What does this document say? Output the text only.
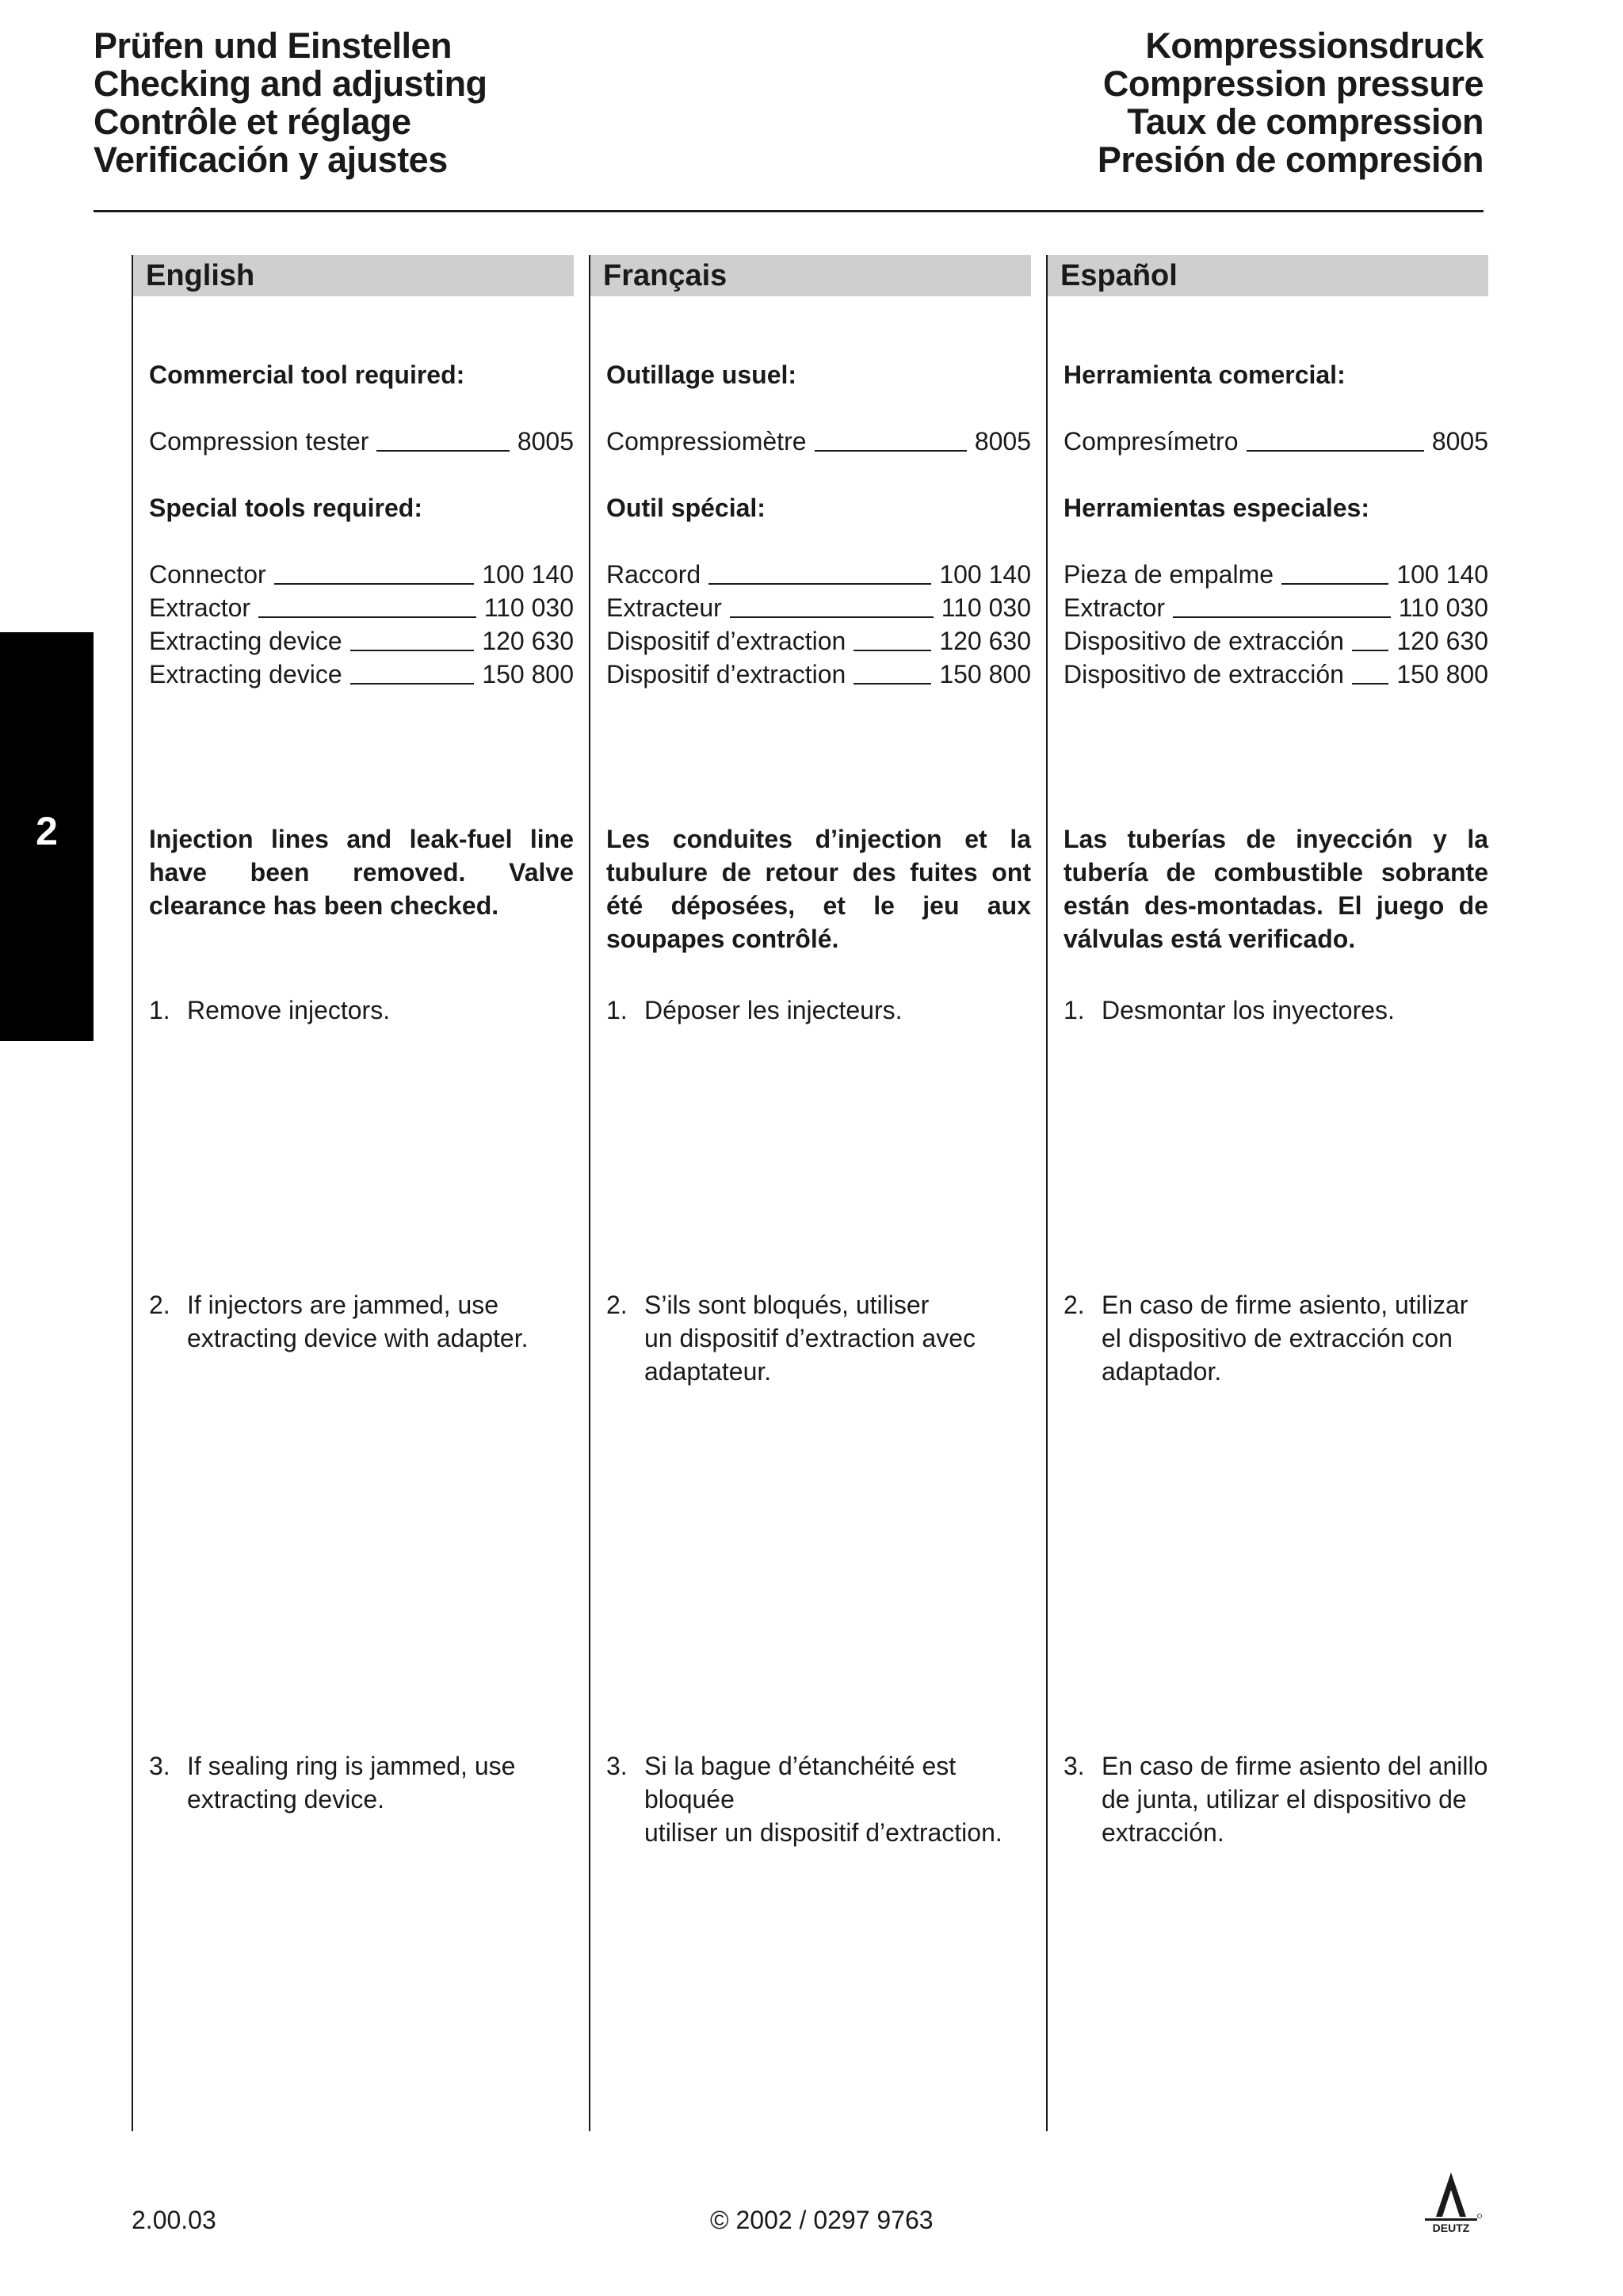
Prüfen und Einstellen
Checking and adjusting
Contrôle et réglage
Verificación y ajustes
Kompressionsdruck
Compression pressure
Taux de compression
Presión de compresión
2
English
Commercial tool required:
Compression tester	8005
Special tools required:
Connector	100 140
Extractor	110 030
Extracting device	120 630
Extracting device	150 800
Injection lines and leak-fuel line have been removed. Valve clearance has been checked.
1. Remove injectors.
2. If injectors are jammed, use
extracting device with adapter.
3. If sealing ring is jammed, use
extracting device.
Français
Outillage usuel:
Compressiomètre	8005
Outil spécial:
Raccord	100 140
Extracteur	110 030
Dispositif d’extraction	120 630
Dispositif d’extraction	150 800
Les conduites d’injection et la tubulure de retour des fuites ont été déposées, et le jeu aux soupapes contrôlé.
1. Déposer les injecteurs.
2. S’ils sont bloqués, utiliser
un dispositif d’extraction avec
adaptateur.
3. Si la bague d’étanchéité est bloquée
utiliser un dispositif d’extraction.
Español
Herramienta comercial:
Compresímetro	8005
Herramientas especiales:
Pieza de empalme	100 140
Extractor	110 030
Dispositivo de extracción 120 630
Dispositivo de extracción 150 800
Las tuberías de inyección y la tubería de combustible sobrante están des-montadas. El juego de válvulas está verificado.
1. Desmontar los inyectores.
2. En caso de firme asiento, utilizar
el dispositivo de extracción con
adaptador.
3. En caso de firme asiento del anillo
de junta, utilizar el dispositivo de
extracción.
2.00.03	© 2002 / 0297 9763	DEUTZ
